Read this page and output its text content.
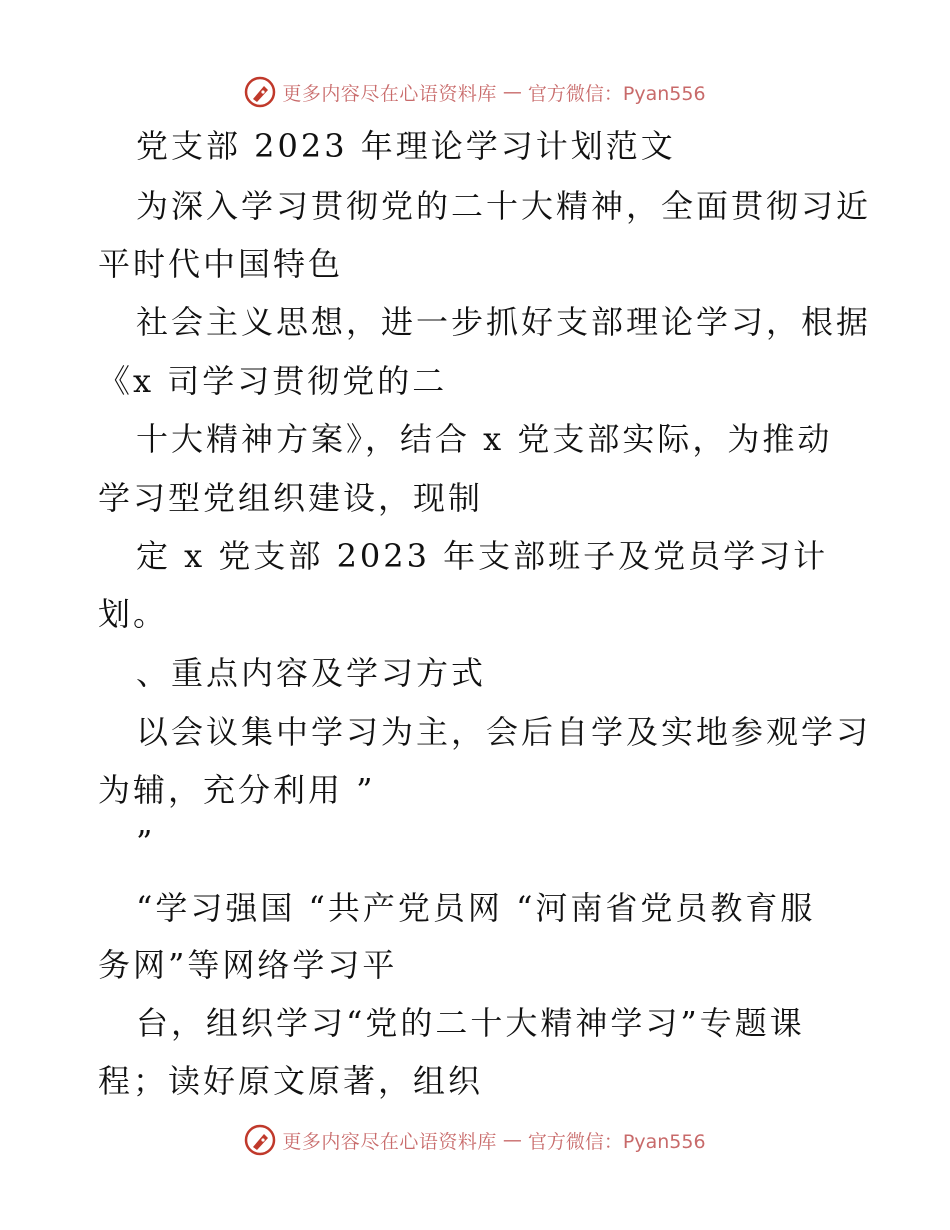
更多内容尽在心语资料库 — 官方微信：Pyan556
党支部 2023 年理论学习计划范文
为深入学习贯彻党的二十大精神，全面贯彻习近
平时代中国特色
社会主义思想，进一步抓好支部理论学习，根据
《x 司学习贯彻党的二
十大精神方案》，结合 x 党支部实际，为推动
学习型党组织建设，现制
定 x 党支部 2023 年支部班子及党员学习计
划。
、重点内容及学习方式
以会议集中学习为主，会后自学及实地参观学习
为辅，充分利用 ”
”
“学习强国 “共产党员网 “河南省党员教育服
务网”等网络学习平
台，组织学习“党的二十大精神学习”专题课
程；读好原文原著，组织
更多内容尽在心语资料库 — 官方微信：Pyan556
